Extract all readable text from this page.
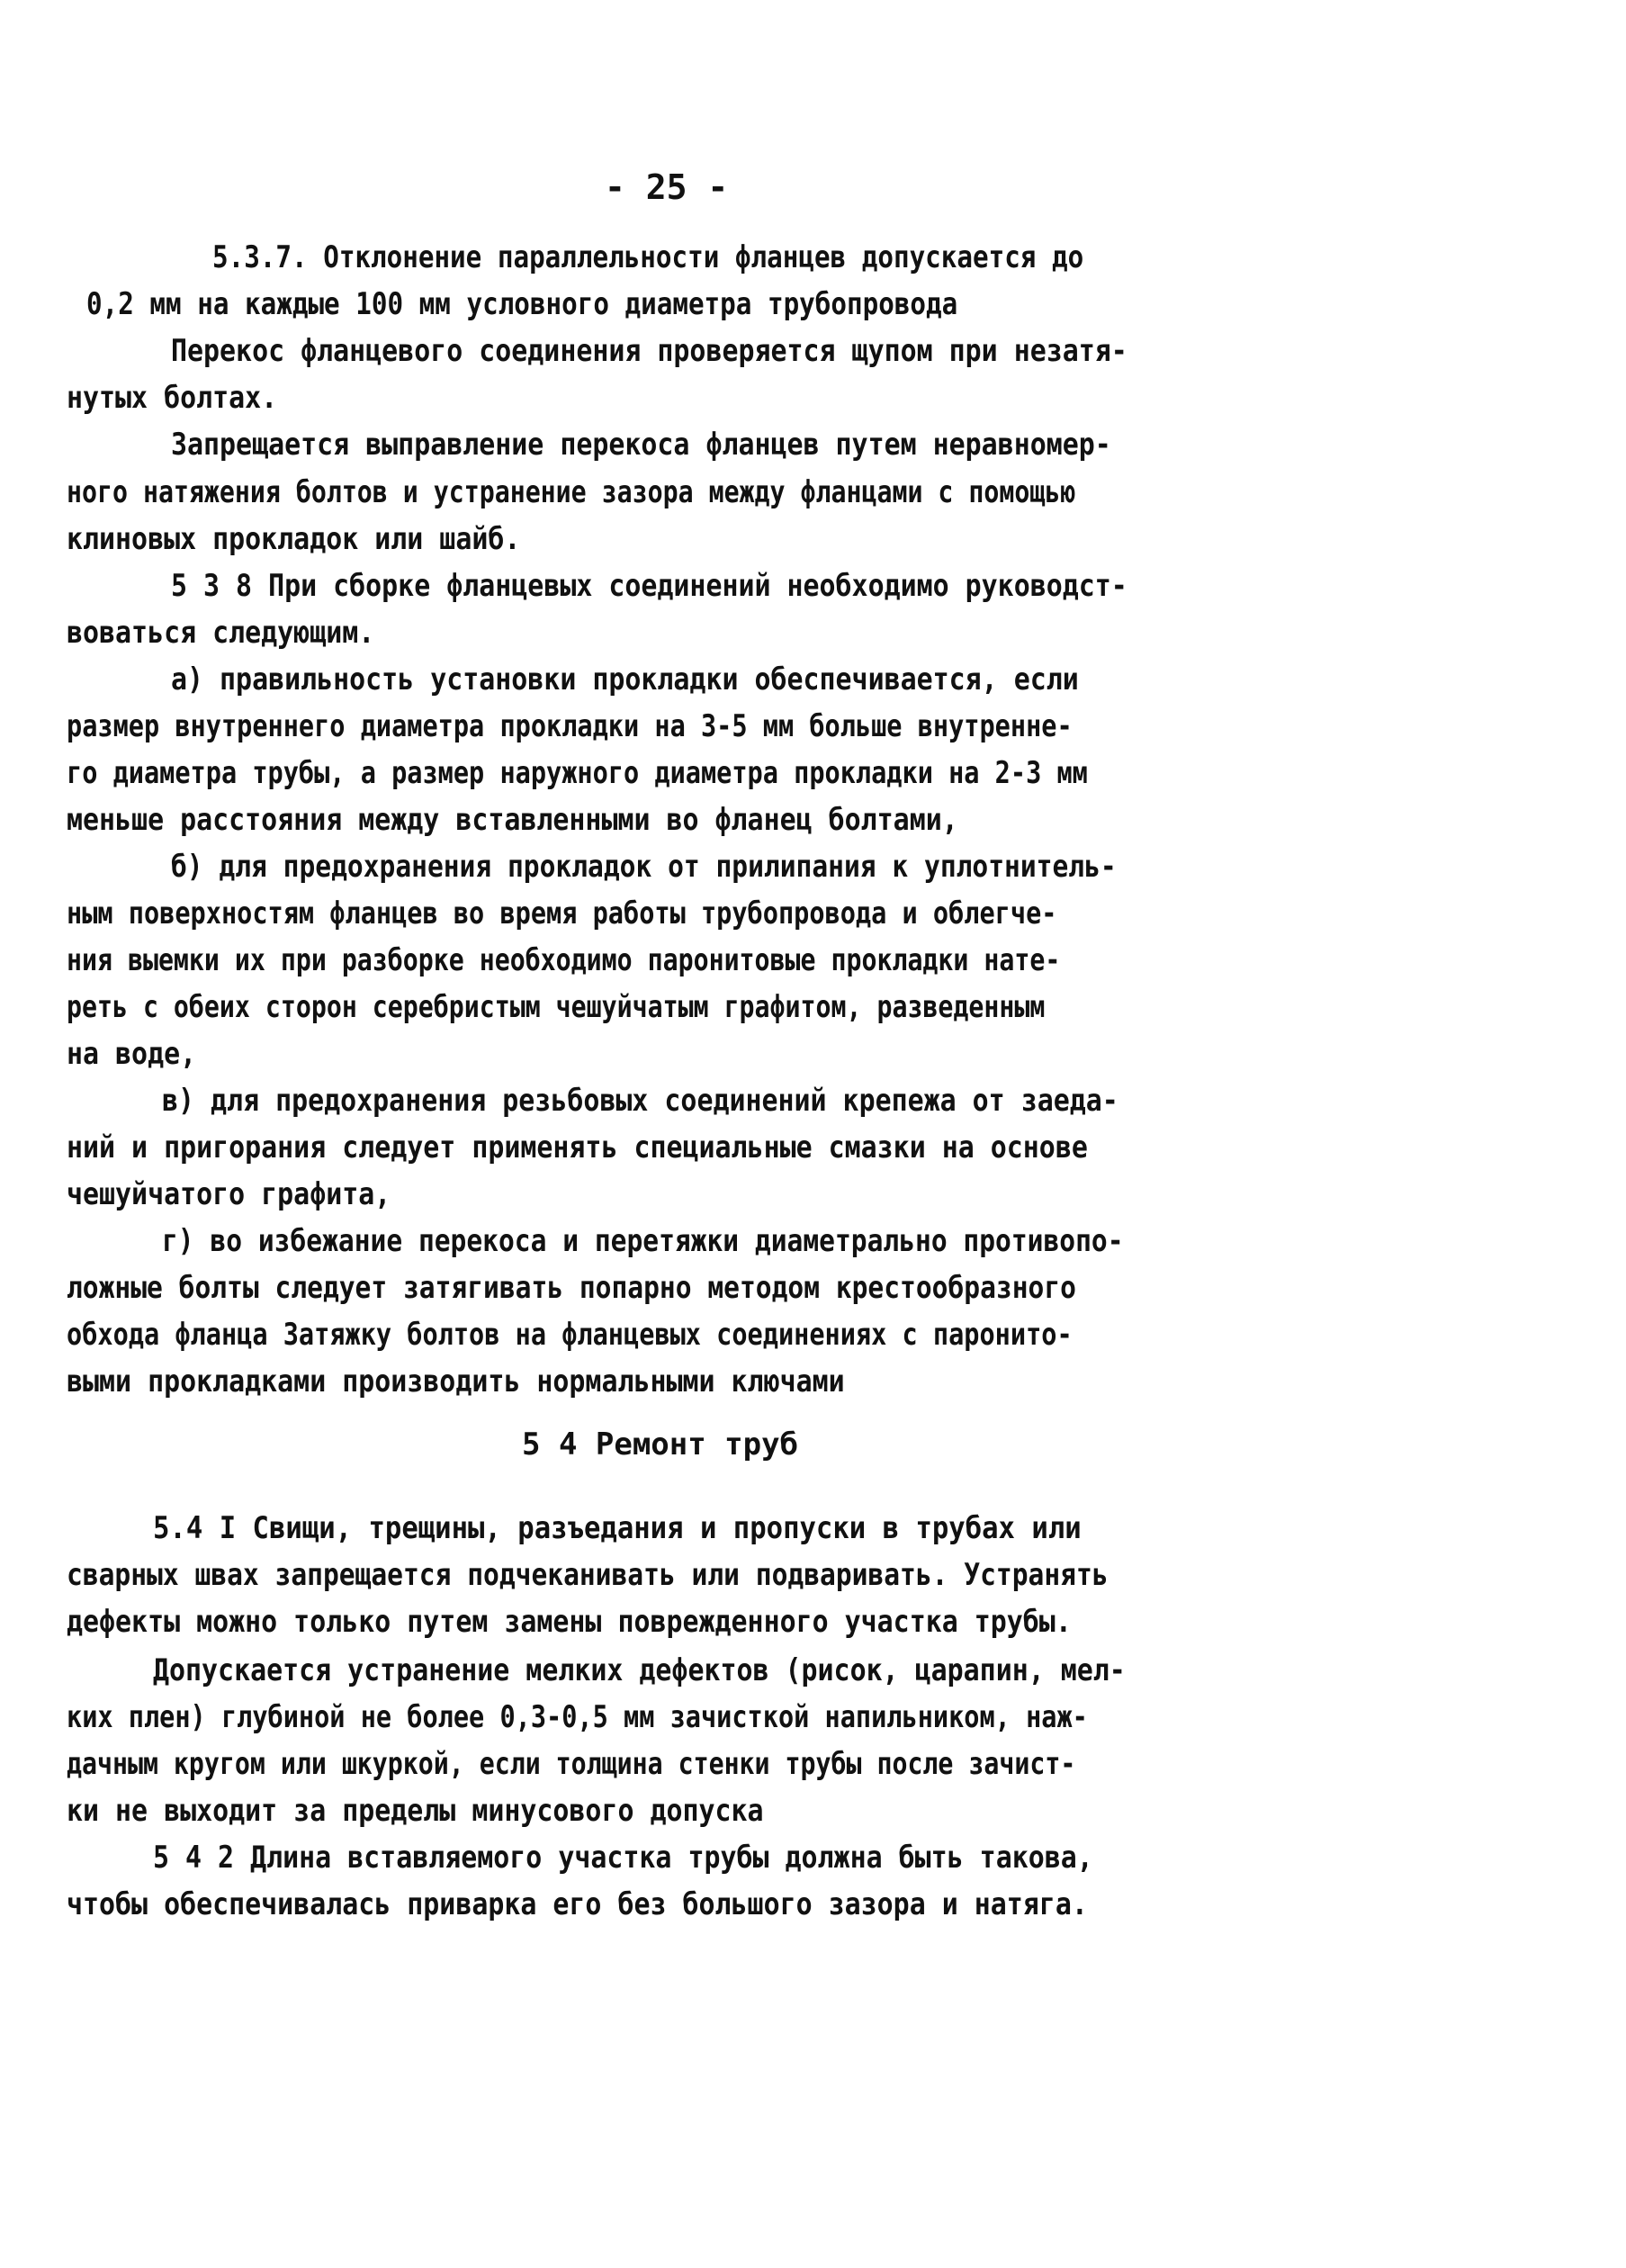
- 25 -
5.3.7. Отклонение параллельности фланцев допускается до
0,2 мм на каждые 100 мм условного диаметра трубопровода
Перекос фланцевого соединения проверяется щупом при незатя-
нутых болтах.
Запрещается выправление перекоса фланцев путем неравномер-
ного натяжения болтов и устранение зазора между фланцами с помощью
клиновых прокладок или шайб.
5 3 8 При сборке фланцевых соединений необходимо руководст-
воваться следующим.
а) правильность установки прокладки обеспечивается, если
размер внутреннего диаметра прокладки на 3-5 мм больше внутренне-
го диаметра трубы, а размер наружного диаметра прокладки на 2-3 мм
меньше расстояния между вставленными во фланец болтами,
б) для предохранения прокладок от прилипания к уплотнитель-
ным поверхностям фланцев во время работы трубопровода и облегче-
ния выемки их при разборке необходимо паронитовые прокладки нате-
реть с обеих сторон серебристым чешуйчатым графитом, разведенным
на воде,
в) для предохранения резьбовых соединений крепежа от заеда-
ний и пригорания следует применять специальные смазки на основе
чешуйчатого графита,
г) во избежание перекоса и перетяжки диаметрально противопо-
ложные болты следует затягивать попарно методом крестообразного
обхода фланца Затяжку болтов на фланцевых соединениях с паронито-
выми прокладками производить нормальными ключами
5 4 Ремонт труб
5.4 I Свищи, трещины, разъедания и пропуски в трубах или
сварных швах запрещается подчеканивать или подваривать. Устранять
дефекты можно только путем замены поврежденного участка трубы.
Допускается устранение мелких дефектов (рисок, царапин, мел-
ких плен) глубиной не более 0,3-0,5 мм зачисткой напильником, наж-
дачным кругом или шкуркой, если толщина стенки трубы после зачист-
ки не выходит за пределы минусового допуска
5 4 2 Длина вставляемого участка трубы должна быть такова,
чтобы обеспечивалась приварка его без большого зазора и натяга.
